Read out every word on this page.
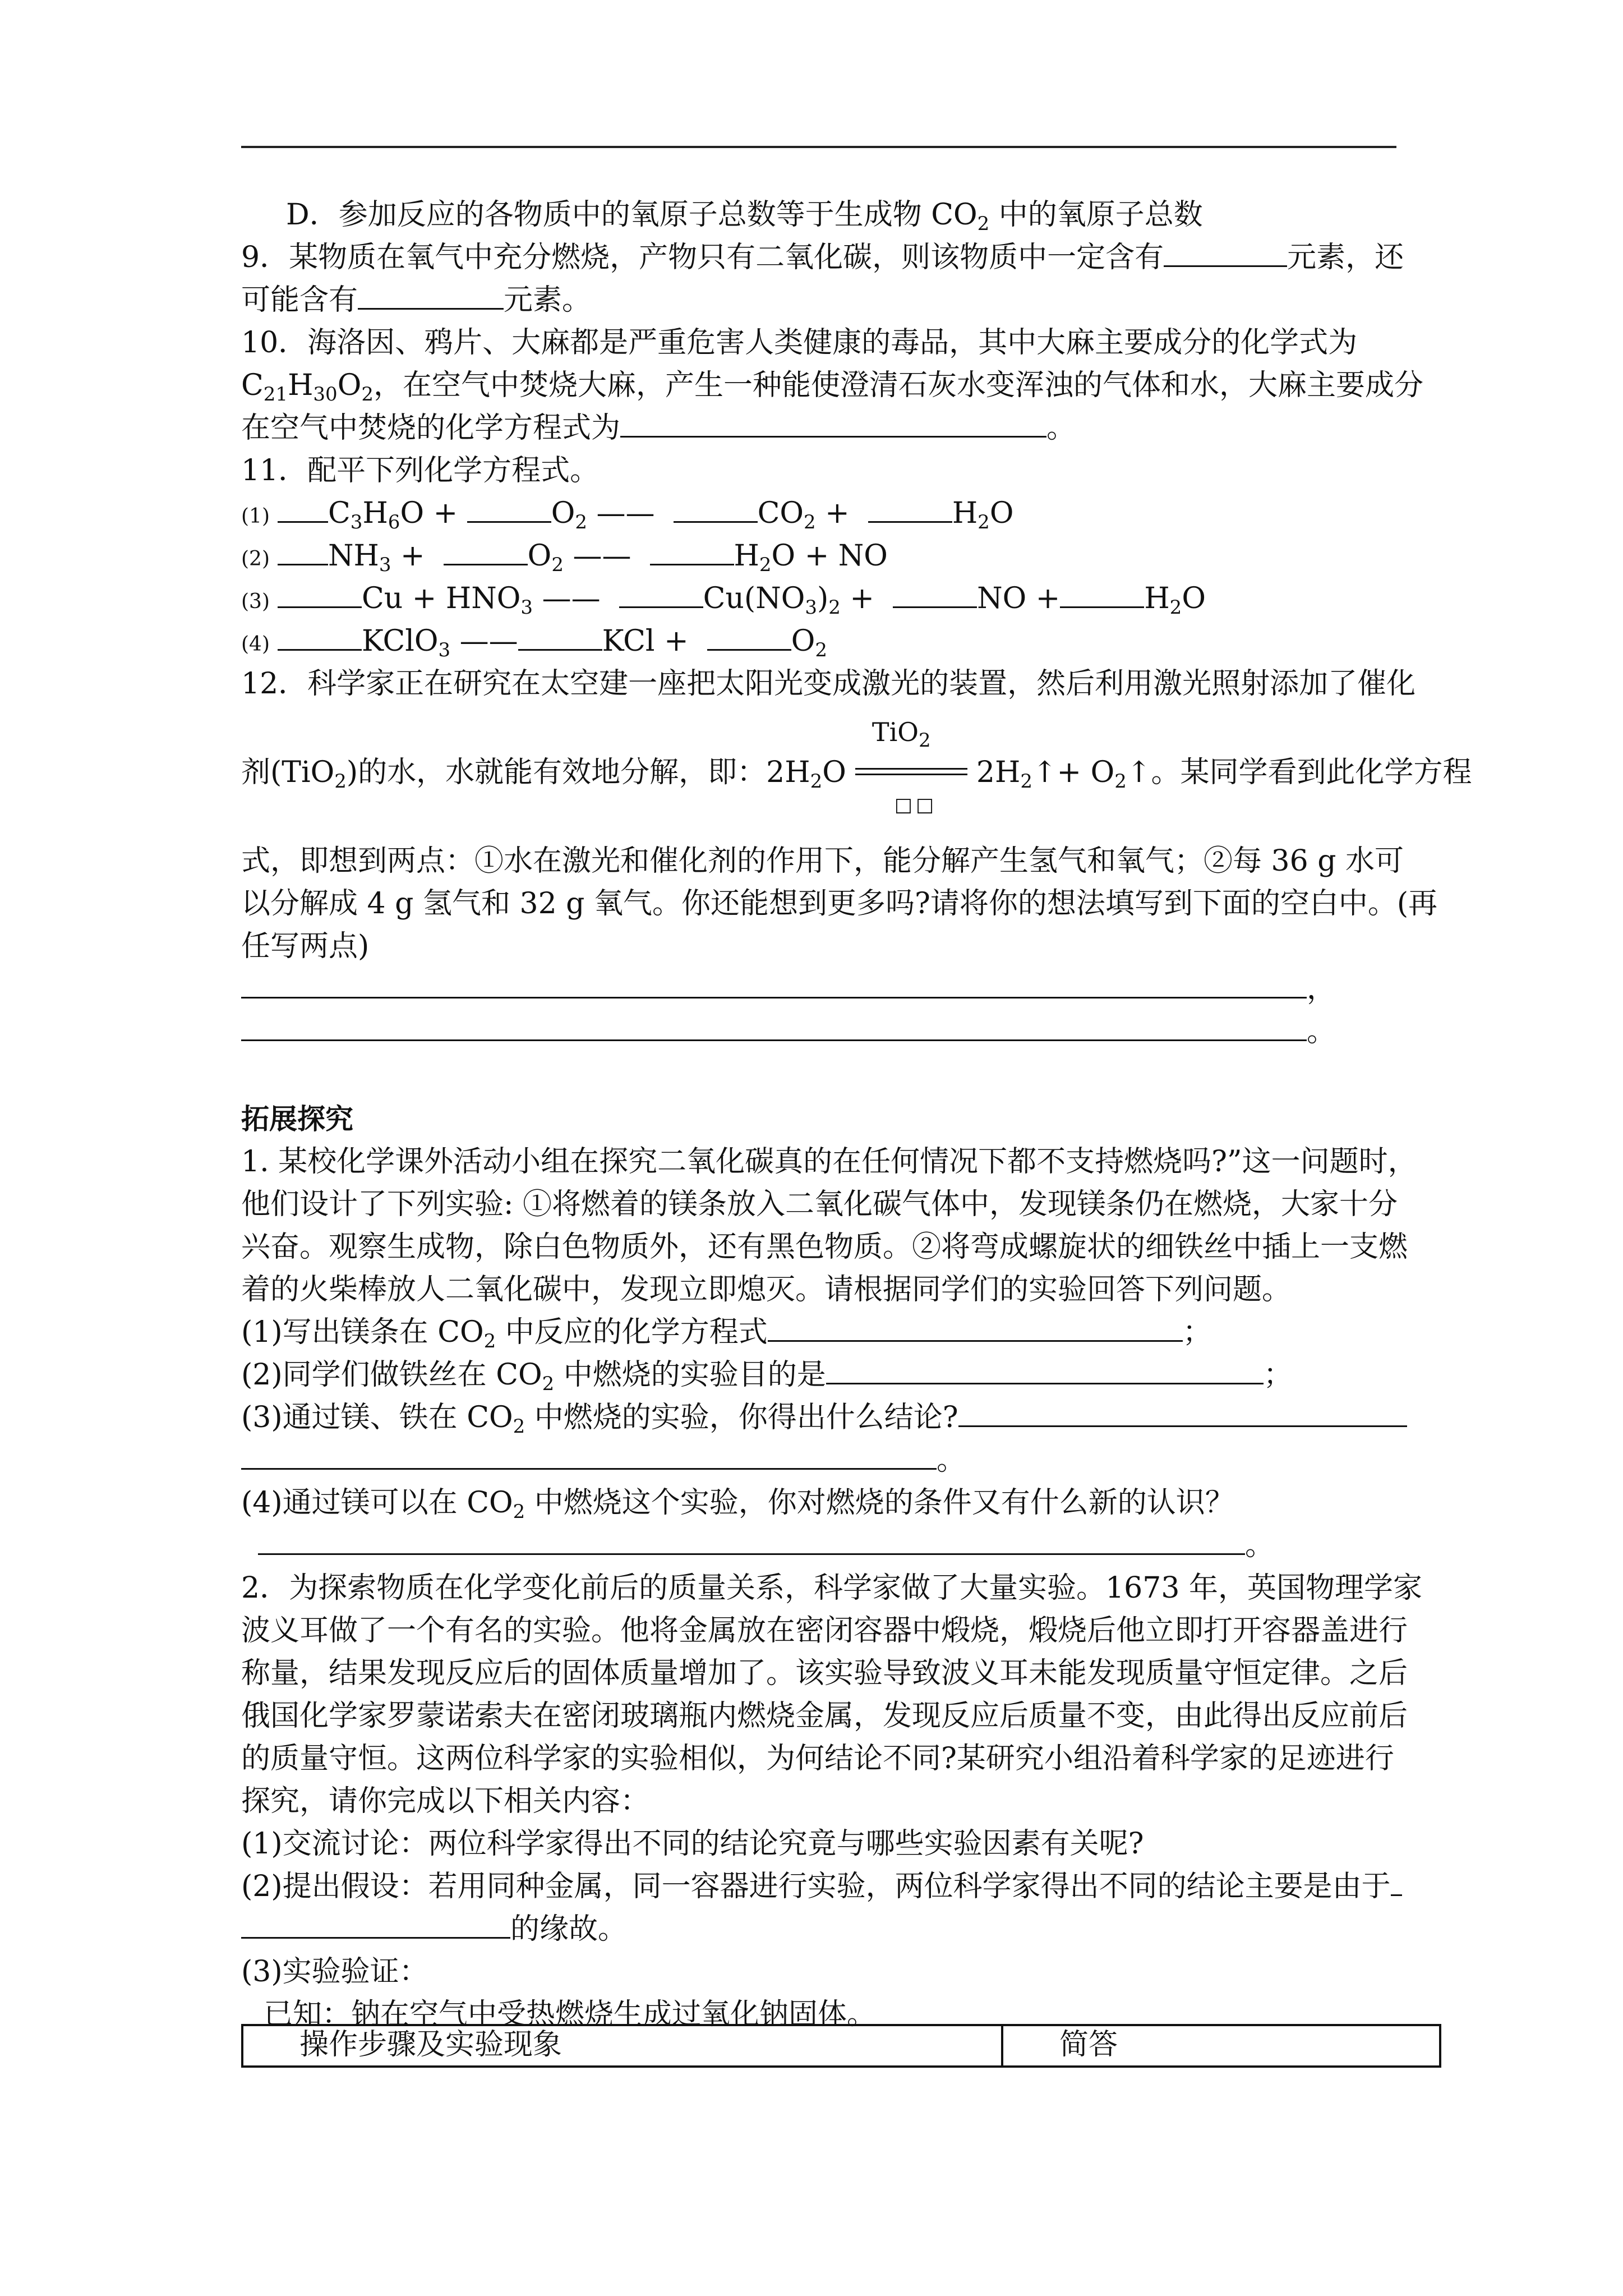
D．参加反应的各物质中的氧原子总数等于生成物 $CO_2$ 中的氧原子总数
9．某物质在氧气中充分燃烧，产物只有二氧化碳，则该物质中一定含有	元素，还
可能含有	元素。
10．海洛因、鸦片、大麻都是严重危害人类健康的毒品，其中大麻主要成分的化学式为
$C_{21}H_{30}O_2$，在空气中焚烧大麻，产生一种能使澄清石灰水变浑浊的气体和水，大麻主要成分
在空气中焚烧的化学方程式为	。
11．配平下列化学方程式。
(1) $C_3H_6O$ +	$O_2$ ——	$CO_2$ +	$H_2O$
(2) $NH_3$ +	$O_2$ ——	$H_2O$ + NO
(3)	$Cu + HNO_3$ ——	$Cu(NO_3)_2$ +	NO +	$H_2O$
(4)	KClO$_3$ ——	KCl +	$O_2$
12．科学家正在研究在太空建一座把太阳光变成激光的装置，然后利用激光照射添加了催化
剂(TiO$_2$)的水，水就能有效地分解，即：$2H_2O$
TiO$_2$
□□
$2H_2↑+$ $O_2↑$。某同学看到此化学方程
式，即想到两点：①水在激光和催化剂的作用下，能分解产生氢气和氧气；②每 36 g 水可
以分解成 4 g 氢气和 32 g 氧气。你还能想到更多吗?请将你的想法填写到下面的空白中。(再
任写两点)
，
。
拓展探究
1. 某校化学课外活动小组在探究二氧化碳真的在任何情况下都不支持燃烧吗?”这一问题时，
他们设计了下列实验: ①将燃着的镁条放入二氧化碳气体中，发现镁条仍在燃烧，大家十分
兴奋。观察生成物，除白色物质外，还有黑色物质。②将弯成螺旋状的细铁丝中插上一支燃
着的火柴棒放人二氧化碳中，发现立即熄灭。请根据同学们的实验回答下列问题。
(1)写出镁条在 $CO_2$ 中反应的化学方程式	；
(2)同学们做铁丝在 $CO_2$ 中燃烧的实验目的是	；
(3)通过镁、铁在 $CO_2$ 中燃烧的实验，你得出什么结论?
。
(4)通过镁可以在 $CO_2$ 中燃烧这个实验，你对燃烧的条件又有什么新的认识？
。
2．为探索物质在化学变化前后的质量关系，科学家做了大量实验。1673 年，英国物理学家
波义耳做了一个有名的实验。他将金属放在密闭容器中煅烧，煅烧后他立即打开容器盖进行
称量，结果发现反应后的固体质量增加了。该实验导致波义耳未能发现质量守恒定律。之后
俄国化学家罗蒙诺索夫在密闭玻璃瓶内燃烧金属，发现反应后质量不变，由此得出反应前后
的质量守恒。这两位科学家的实验相似，为何结论不同?某研究小组沿着科学家的足迹进行
探究，请你完成以下相关内容：
(1)交流讨论：两位科学家得出不同的结论究竟与哪些实验因素有关呢?
(2)提出假设：若用同种金属，同一容器进行实验，两位科学家得出不同的结论主要是由于
的缘故。
(3)实验验证：
已知：钠在空气中受热燃烧生成过氧化钠固体。
操作步骤及实验现象	简答
